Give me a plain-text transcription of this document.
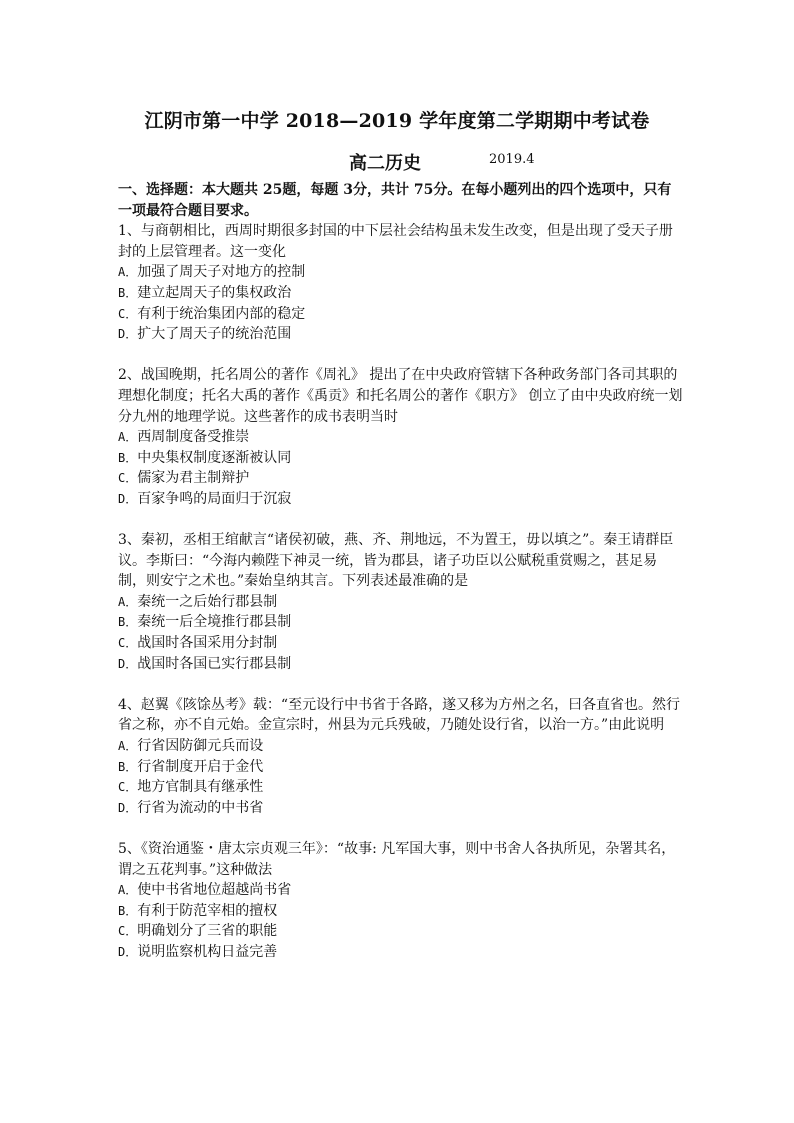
江阴市第一中学 2018—2019 学年度第二学期期中考试卷
高二历史	2019.4
一、选择题：本大题共 25题，每题 3分，共计 75分。在每小题列出的四个选项中，只有一项最符合题目要求。
1、与商朝相比，西周时期很多封国的中下层社会结构虽未发生改变，但是出现了受天子册封的上层管理者。这一变化
A．加强了周天子对地方的控制
B．建立起周天子的集权政治
C．有利于统治集团内部的稳定
D．扩大了周天子的统治范围
2、战国晚期，托名周公的著作《周礼》 提出了在中央政府管辖下各种政务部门各司其职的理想化制度；托名大禹的著作《禹贡》和托名周公的著作《职方》 创立了由中央政府统一划分九州的地理学说。这些著作的成书表明当时
A．西周制度备受推崇
B．中央集权制度逐渐被认同
C．儒家为君主制辩护
D．百家争鸣的局面归于沉寂
3、秦初，丞相王绾献言“诸侯初破，燕、齐、荆地远，不为置王，毋以填之”。秦王请群臣议。李斯曰：“今海内赖陛下神灵一统，皆为郡县，诸子功臣以公赋税重赏赐之，甚足易制，则安宁之术也。”秦始皇纳其言。下列表述最准确的是
A．秦统一之后始行郡县制
B．秦统一后全境推行郡县制
C．战国时各国采用分封制
D．战国时各国已实行郡县制
4、赵翼《陔馀丛考》载：“至元设行中书省于各路，遂又移为方州之名，曰各直省也。然行省之称，亦不自元始。金宣宗时，州县为元兵残破，乃随处设行省，以治一方。”由此说明
A．行省因防御元兵而设
B．行省制度开启于金代
C．地方官制具有继承性
D．行省为流动的中书省
5、《资治通鉴・唐太宗贞观三年》：“故事: 凡军国大事，则中书舍人各执所见，杂署其名，谓之五花判事。”这种做法
A．使中书省地位超越尚书省
B．有利于防范宰相的擅权
C．明确划分了三省的职能
D．说明监察机构日益完善
